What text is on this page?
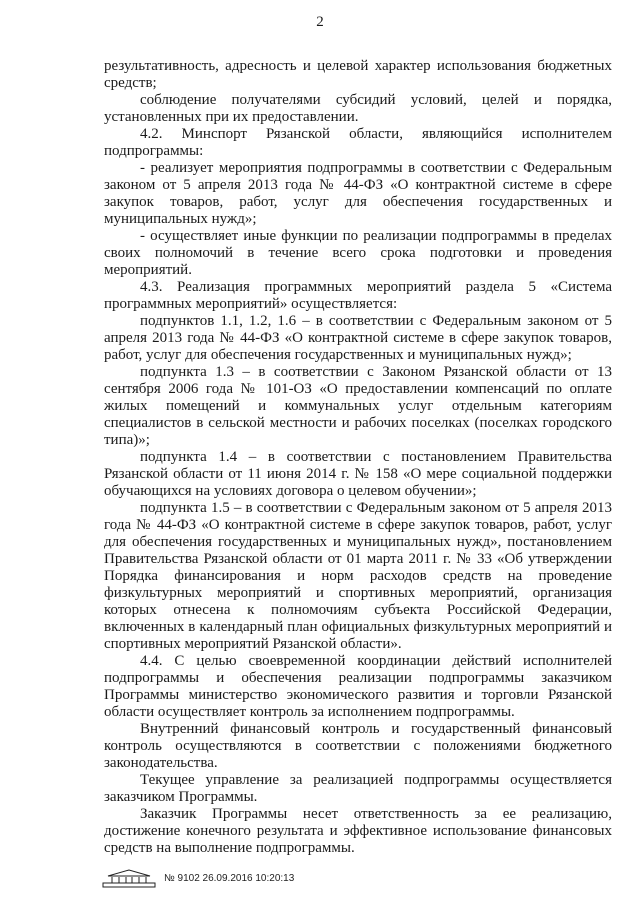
2

результативность, адресность и целевой характер использования бюджетных средств;

соблюдение получателями субсидий условий, целей и порядка, установленных при их предоставлении.

4.2. Минспорт Рязанской области, являющийся исполнителем подпрограммы:

- реализует мероприятия подпрограммы в соответствии с Федеральным законом от 5 апреля 2013 года № 44-ФЗ «О контрактной системе в сфере закупок товаров, работ, услуг для обеспечения государственных и муниципальных нужд»;

- осуществляет иные функции по реализации подпрограммы в пределах своих полномочий в течение всего срока подготовки и проведения мероприятий.

4.3. Реализация программных мероприятий раздела 5 «Система программных мероприятий» осуществляется:

подпунктов 1.1, 1.2, 1.6 – в соответствии с Федеральным законом от 5 апреля 2013 года № 44-ФЗ «О контрактной системе в сфере закупок товаров, работ, услуг для обеспечения государственных и муниципальных нужд»;

подпункта 1.3 – в соответствии с Законом Рязанской области от 13 сентября 2006 года № 101-ОЗ «О предоставлении компенсаций по оплате жилых помещений и коммунальных услуг отдельным категориям специалистов в сельской местности и рабочих поселках (поселках городского типа)»;

подпункта 1.4 – в соответствии с постановлением Правительства Рязанской области от 11 июня 2014 г. № 158 «О мере социальной поддержки обучающихся на условиях договора о целевом обучении»;

подпункта 1.5 – в соответствии с Федеральным законом от 5 апреля 2013 года № 44-ФЗ «О контрактной системе в сфере закупок товаров, работ, услуг для обеспечения государственных и муниципальных нужд», постановлением Правительства Рязанской области от 01 марта 2011 г. № 33 «Об утверждении Порядка финансирования и норм расходов средств на проведение физкультурных мероприятий и спортивных мероприятий, организация которых отнесена к полномочиям субъекта Российской Федерации, включенных в календарный план официальных физкультурных мероприятий и спортивных мероприятий Рязанской области».

4.4. С целью своевременной координации действий исполнителей подпрограммы и обеспечения реализации подпрограммы заказчиком Программы министерство экономического развития и торговли Рязанской области осуществляет контроль за исполнением подпрограммы.

Внутренний финансовый контроль и государственный финансовый контроль осуществляются в соответствии с положениями бюджетного законодательства.

Текущее управление за реализацией подпрограммы осуществляется заказчиком Программы.

Заказчик Программы несет ответственность за ее реализацию, достижение конечного результата и эффективное использование финансовых средств на выполнение подпрограммы.

№ 9102 26.09.2016 10:20:13
